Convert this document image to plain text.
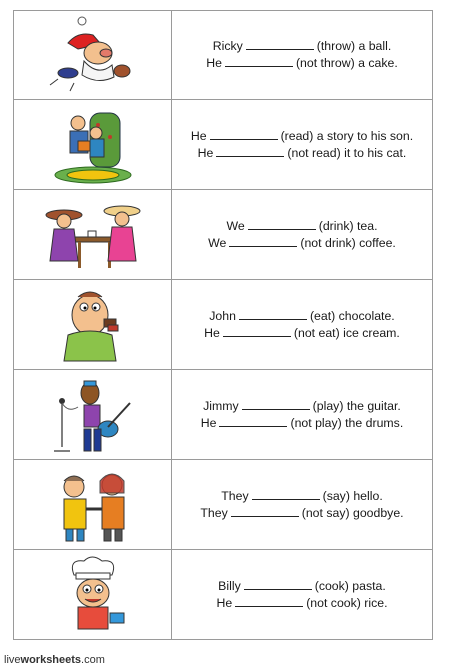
Ricky	(throw) a ball.
He	(not throw) a cake.
He	(read) a story to his son.
He	(not read) it to his cat.
We	(drink) tea.
We	(not drink) coffee.
John	(eat) chocolate.
He	(not eat) ice cream.
Jimmy	(play) the guitar.
He	(not play) the drums.
They	(say) hello.
They	(not say) goodbye.
Billy	(cook) pasta.
He	(not cook) rice.
liveworksheets.com
